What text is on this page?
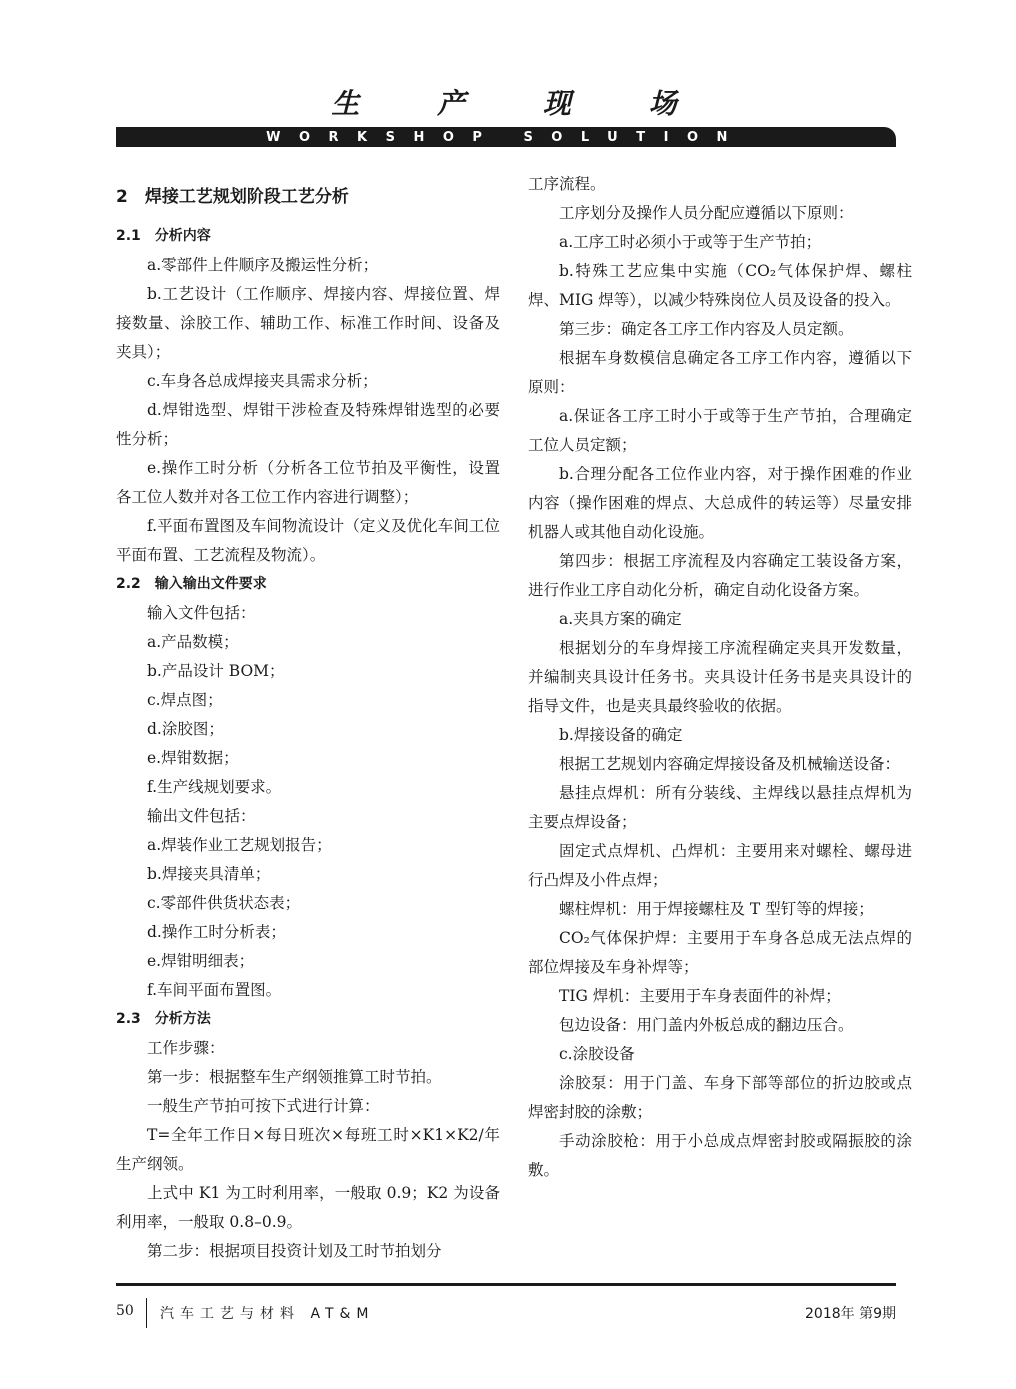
生 产 现 场
WORKSHOP SOLUTION

2　焊接工艺规划阶段工艺分析

2.1　分析内容

a.零部件上件顺序及搬运性分析；

b.工艺设计（工作顺序、焊接内容、焊接位置、焊接数量、涂胶工作、辅助工作、标准工作时间、设备及夹具）；

c.车身各总成焊接夹具需求分析；

d.焊钳选型、焊钳干涉检查及特殊焊钳选型的必要性分析；

e.操作工时分析（分析各工位节拍及平衡性，设置各工位人数并对各工位工作内容进行调整）；

f.平面布置图及车间物流设计（定义及优化车间工位平面布置、工艺流程及物流）。

2.2　输入输出文件要求

输入文件包括：

a.产品数模；

b.产品设计 BOM；

c.焊点图；

d.涂胶图；

e.焊钳数据；

f.生产线规划要求。

输出文件包括：

a.焊装作业工艺规划报告；

b.焊接夹具清单；

c.零部件供货状态表；

d.操作工时分析表；

e.焊钳明细表；

f.车间平面布置图。

2.3　分析方法

工作步骤：

第一步：根据整车生产纲领推算工时节拍。

一般生产节拍可按下式进行计算：

T=全年工作日×每日班次×每班工时×K1×K2/年生产纲领。

上式中 K1 为工时利用率，一般取 0.9；K2 为设备利用率，一般取 0.8–0.9。

第二步：根据项目投资计划及工时节拍划分

工序流程。

工序划分及操作人员分配应遵循以下原则：

a.工序工时必须小于或等于生产节拍；

b.特殊工艺应集中实施（CO₂气体保护焊、螺柱焊、MIG 焊等），以减少特殊岗位人员及设备的投入。

第三步：确定各工序工作内容及人员定额。

根据车身数模信息确定各工序工作内容，遵循以下原则：

a.保证各工序工时小于或等于生产节拍，合理确定工位人员定额；

b.合理分配各工位作业内容，对于操作困难的作业内容（操作困难的焊点、大总成件的转运等）尽量安排机器人或其他自动化设施。

第四步：根据工序流程及内容确定工装设备方案，进行作业工序自动化分析，确定自动化设备方案。

a.夹具方案的确定

根据划分的车身焊接工序流程确定夹具开发数量，并编制夹具设计任务书。夹具设计任务书是夹具设计的指导文件，也是夹具最终验收的依据。

b.焊接设备的确定

根据工艺规划内容确定焊接设备及机械输送设备：

悬挂点焊机：所有分装线、主焊线以悬挂点焊机为主要点焊设备；

固定式点焊机、凸焊机：主要用来对螺栓、螺母进行凸焊及小件点焊；

螺柱焊机：用于焊接螺柱及 T 型钉等的焊接；

CO₂气体保护焊：主要用于车身各总成无法点焊的部位焊接及车身补焊等；

TIG 焊机：主要用于车身表面件的补焊；

包边设备：用门盖内外板总成的翻边压合。

c.涂胶设备

涂胶泵：用于门盖、车身下部等部位的折边胶或点焊密封胶的涂敷；

手动涂胶枪：用于小总成点焊密封胶或隔振胶的涂敷。

50 汽车工艺与材料 AT&M	2018年 第9期
